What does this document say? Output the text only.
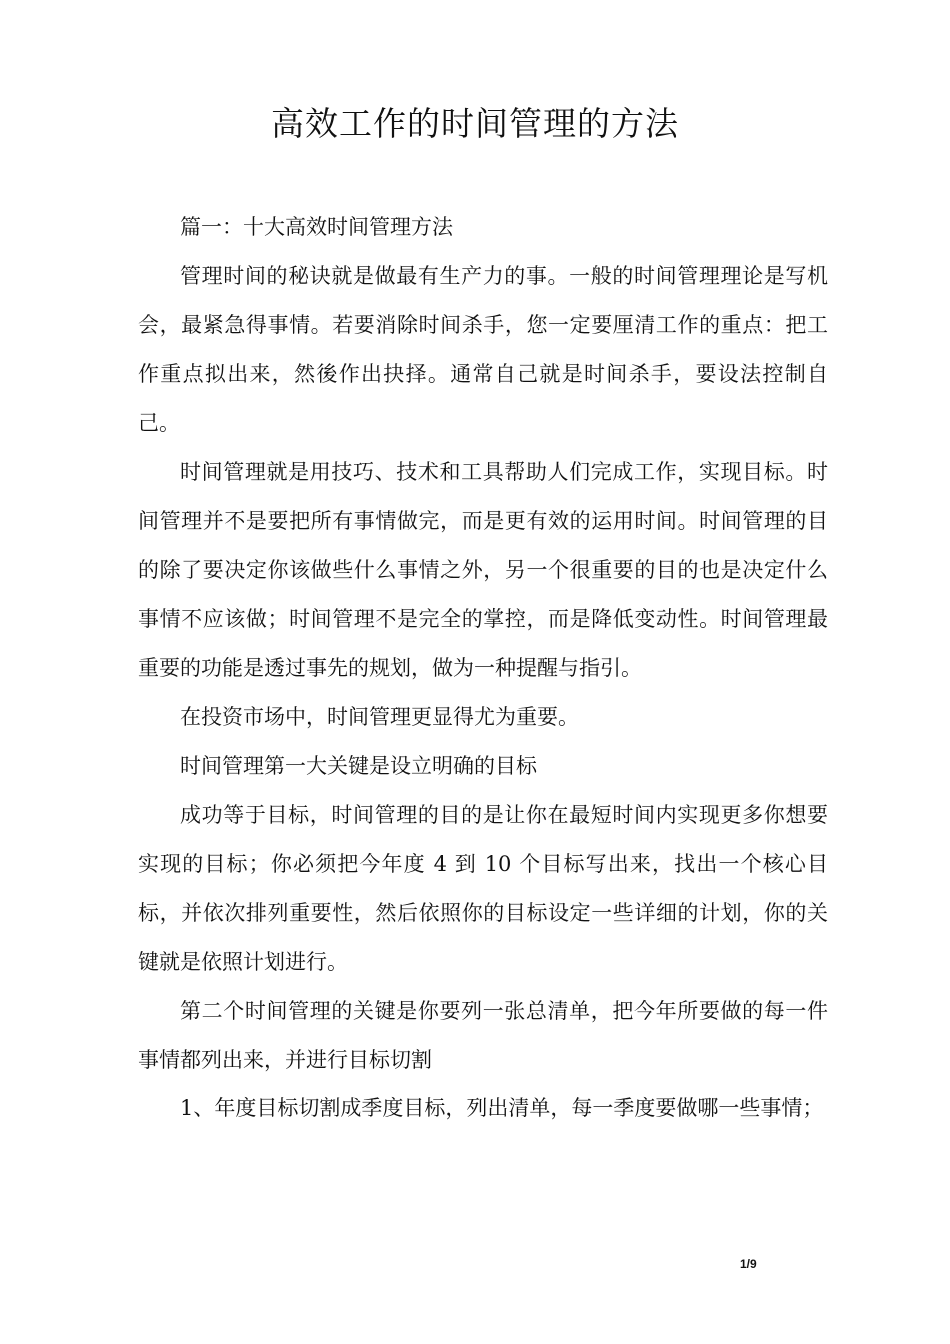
高效工作的时间管理的方法

篇一：十大高效时间管理方法

管理时间的秘诀就是做最有生产力的事。一般的时间管理理论是写机会，最紧急得事情。若要消除时间杀手，您一定要厘清工作的重点：把工作重点拟出来，然後作出抉择。通常自己就是时间杀手，要设法控制自己。

时间管理就是用技巧、技术和工具帮助人们完成工作，实现目标。时间管理并不是要把所有事情做完，而是更有效的运用时间。时间管理的目的除了要决定你该做些什么事情之外，另一个很重要的目的也是决定什么事情不应该做；时间管理不是完全的掌控，而是降低变动性。时间管理最重要的功能是透过事先的规划，做为一种提醒与指引。

在投资市场中，时间管理更显得尤为重要。

时间管理第一大关键是设立明确的目标

成功等于目标，时间管理的目的是让你在最短时间内实现更多你想要实现的目标；你必须把今年度 4 到 10 个目标写出来，找出一个核心目标，并依次排列重要性，然后依照你的目标设定一些详细的计划，你的关键就是依照计划进行。

第二个时间管理的关键是你要列一张总清单，把今年所要做的每一件事情都列出来，并进行目标切割

1、年度目标切割成季度目标，列出清单，每一季度要做哪一些事情；

1/9
